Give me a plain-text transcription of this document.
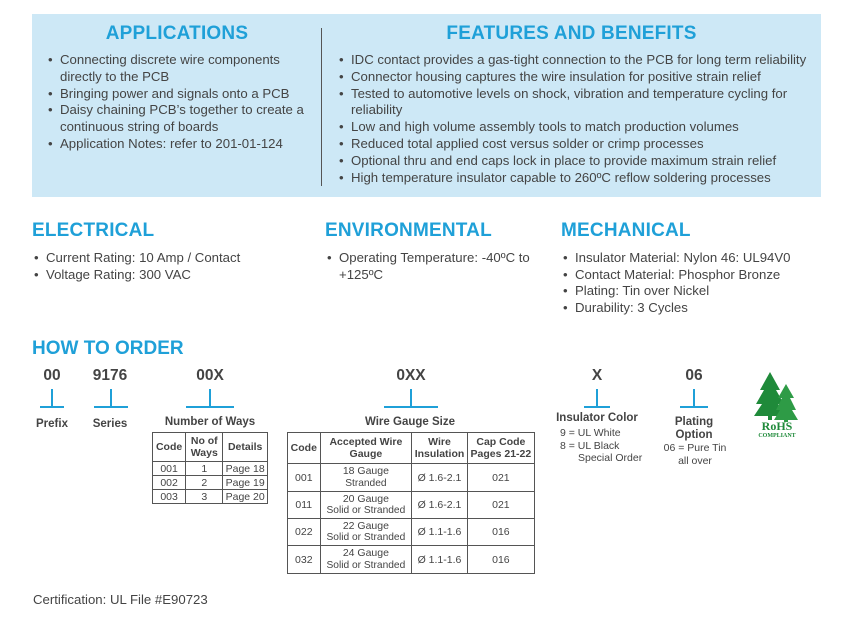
APPLICATIONS
• Connecting discrete wire components directly to the PCB
• Bringing power and signals onto a PCB
• Daisy chaining PCB’s together to create a continuous string of boards
• Application Notes: refer to 201-01-124
FEATURES AND BENEFITS
• IDC contact provides a gas-tight connection to the PCB for long term reliability
• Connector housing captures the wire insulation for positive strain relief
• Tested to automotive levels on shock, vibration and temperature cycling for reliability
• Low and high volume assembly tools to match production volumes
• Reduced total applied cost versus solder or crimp processes
• Optional thru and end caps lock in place to provide maximum strain relief
• High temperature insulator capable to 260ºC reflow soldering processes
ELECTRICAL
• Current Rating: 10 Amp / Contact
• Voltage Rating: 300 VAC
ENVIRONMENTAL
• Operating Temperature: -40ºC to +125ºC
MECHANICAL
• Insulator Material: Nylon 46: UL94V0
• Contact Material: Phosphor Bronze
• Plating: Tin over Nickel
• Durability: 3 Cycles
HOW TO ORDER
00
Prefix
9176
Series
00X
Number of Ways
Code	No of Ways	Details
001	1	Page 18
002	2	Page 19
003	3	Page 20
0XX
Wire Gauge Size
Code	Accepted Wire Gauge	Wire Insulation	Cap Code Pages 21-22
001	18 Gauge
Stranded	Ø 1.6-2.1	021
011	20 Gauge
Solid or Stranded	Ø 1.6-2.1	021
022	22 Gauge
Solid or Stranded	Ø 1.1-1.6	016
032	24 Gauge
Solid or Stranded	Ø 1.1-1.6	016
X
Insulator Color
9 = UL White
8 = UL Black
Special Order
06
Plating
Option
06 = Pure Tin
all over
RoHS
COMPLIANT
Certification: UL File #E90723
